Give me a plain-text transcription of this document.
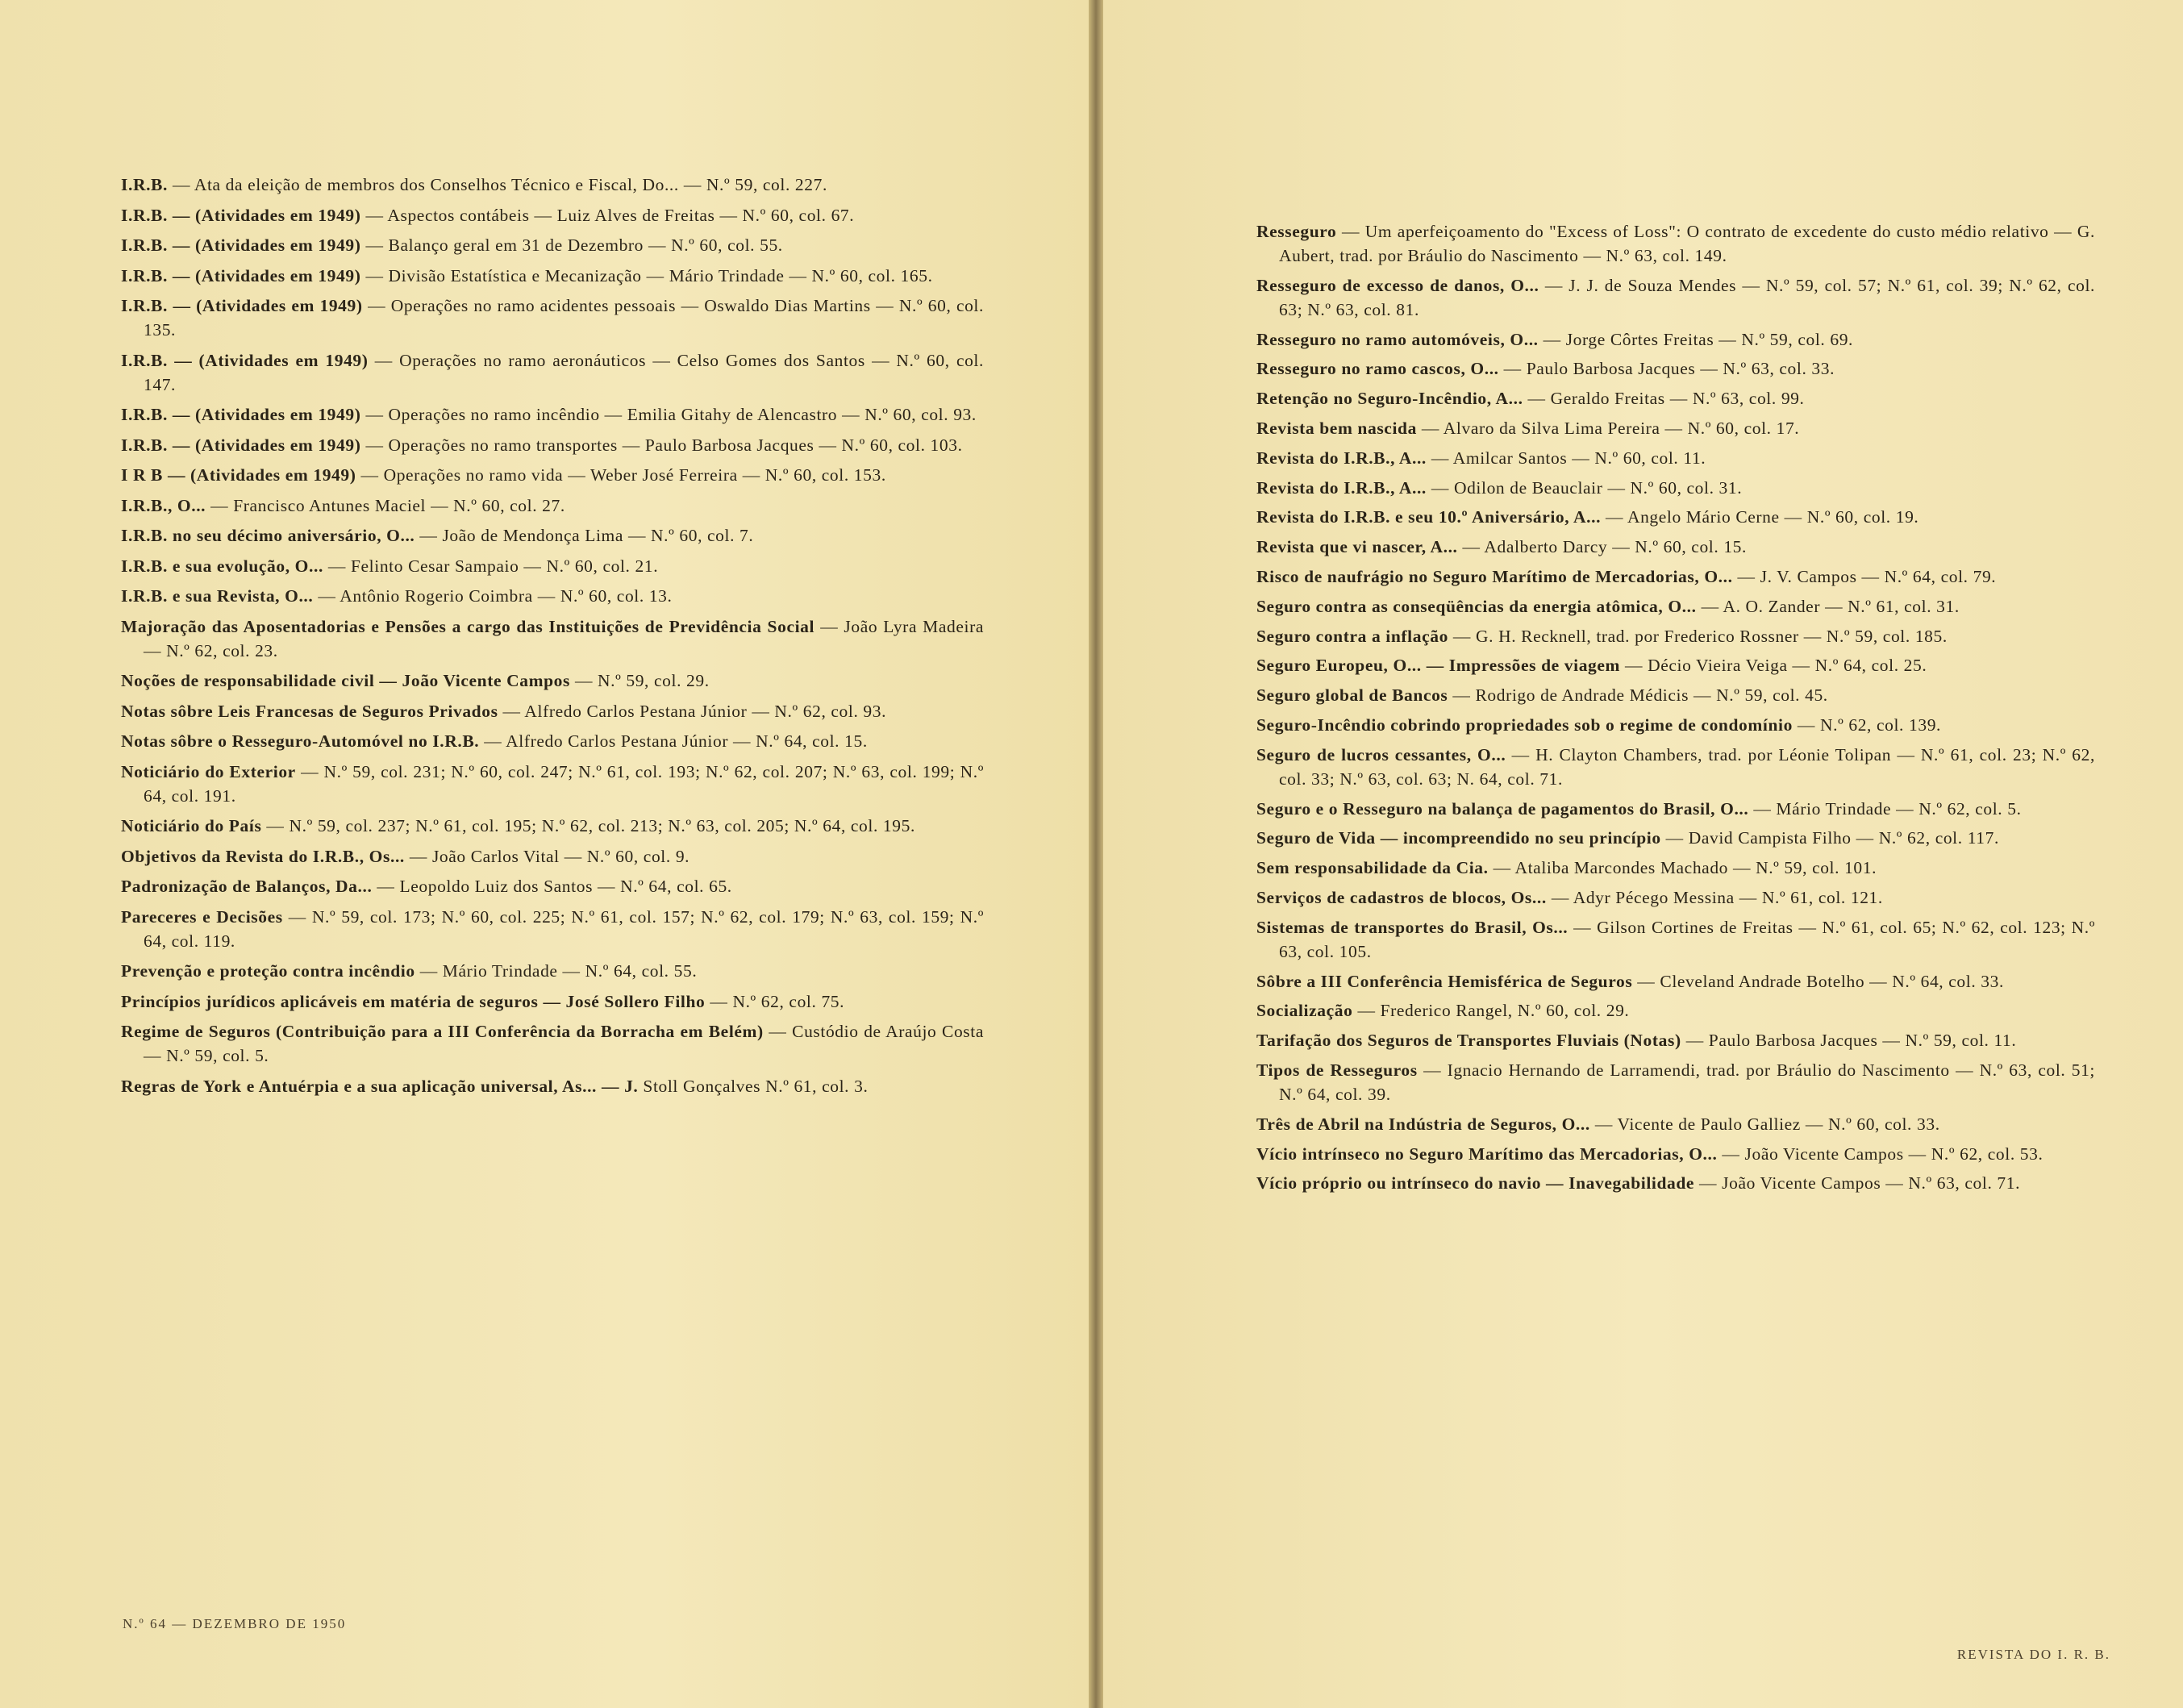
I.R.B. — Ata da eleição de membros dos Conselhos Técnico e Fiscal, Do... — N.º 59, col. 227.

I.R.B. — (Atividades em 1949) — Aspectos contábeis — Luiz Alves de Freitas — N.º 60, col. 67.

I.R.B. — (Atividades em 1949) — Balanço geral em 31 de Dezembro — N.º 60, col. 55.

I.R.B. — (Atividades em 1949) — Divisão Estatística e Mecanização — Mário Trindade — N.º 60, col. 165.

I.R.B. — (Atividades em 1949) — Operações no ramo acidentes pessoais — Oswaldo Dias Martins — N.º 60, col. 135.

I.R.B. — (Atividades em 1949) — Operações no ramo aeronáuticos — Celso Gomes dos Santos — N.º 60, col. 147.

I.R.B. — (Atividades em 1949) — Operações no ramo incêndio — Emilia Gitahy de Alencastro — N.º 60, col. 93.

I.R.B. — (Atividades em 1949) — Operações no ramo transportes — Paulo Barbosa Jacques — N.º 60, col. 103.

I R B — (Atividades em 1949) — Operações no ramo vida — Weber José Ferreira — N.º 60, col. 153.

I.R.B., O... — Francisco Antunes Maciel — N.º 60, col. 27.

I.R.B. no seu décimo aniversário, O... — João de Mendonça Lima — N.º 60, col. 7.

I.R.B. e sua evolução, O... — Felinto Cesar Sampaio — N.º 60, col. 21.

I.R.B. e sua Revista, O... — Antônio Rogerio Coimbra — N.º 60, col. 13.

Majoração das Aposentadorias e Pensões a cargo das Instituições de Previdência Social — João Lyra Madeira — N.º 62, col. 23.

Noções de responsabilidade civil — João Vicente Campos — N.º 59, col. 29.

Notas sôbre Leis Francesas de Seguros Privados — Alfredo Carlos Pestana Júnior — N.º 62, col. 93.

Notas sôbre o Resseguro-Automóvel no I.R.B. — Alfredo Carlos Pestana Júnior — N.º 64, col. 15.

Noticiário do Exterior — N.º 59, col. 231; N.º 60, col. 247; N.º 61, col. 193; N.º 62, col. 207; N.º 63, col. 199; N.º 64, col. 191.

Noticiário do País — N.º 59, col. 237; N.º 61, col. 195; N.º 62, col. 213; N.º 63, col. 205; N.º 64, col. 195.

Objetivos da Revista do I.R.B., Os... — João Carlos Vital — N.º 60, col. 9.

Padronização de Balanços, Da... — Leopoldo Luiz dos Santos — N.º 64, col. 65.

Pareceres e Decisões — N.º 59, col. 173; N.º 60, col. 225; N.º 61, col. 157; N.º 62, col. 179; N.º 63, col. 159; N.º 64, col. 119.

Prevenção e proteção contra incêndio — Mário Trindade — N.º 64, col. 55.

Princípios jurídicos aplicáveis em matéria de seguros — José Sollero Filho — N.º 62, col. 75.

Regime de Seguros (Contribuição para a III Conferência da Borracha em Belém) — Custódio de Araújo Costa — N.º 59, col. 5.

Regras de York e Antuérpia e a sua aplicação universal, As... — J. Stoll Gonçalves N.º 61, col. 3.

N.º 64 — DEZEMBRO DE 1950

Resseguro — Um aperfeiçoamento do "Excess of Loss": O contrato de excedente do custo médio relativo — G. Aubert, trad. por Bráulio do Nascimento — N.º 63, col. 149.

Resseguro de excesso de danos, O... — J. J. de Souza Mendes — N.º 59, col. 57; N.º 61, col. 39; N.º 62, col. 63; N.º 63, col. 81.

Resseguro no ramo automóveis, O... — Jorge Côrtes Freitas — N.º 59, col. 69.

Resseguro no ramo cascos, O... — Paulo Barbosa Jacques — N.º 63, col. 33.

Retenção no Seguro-Incêndio, A... — Geraldo Freitas — N.º 63, col. 99.

Revista bem nascida — Alvaro da Silva Lima Pereira — N.º 60, col. 17.

Revista do I.R.B., A... — Amilcar Santos — N.º 60, col. 11.

Revista do I.R.B., A... — Odilon de Beauclair — N.º 60, col. 31.

Revista do I.R.B. e seu 10.º Aniversário, A... — Angelo Mário Cerne — N.º 60, col. 19.

Revista que vi nascer, A... — Adalberto Darcy — N.º 60, col. 15.

Risco de naufrágio no Seguro Marítimo de Mercadorias, O... — J. V. Campos — N.º 64, col. 79.

Seguro contra as conseqüências da energia atômica, O... — A. O. Zander — N.º 61, col. 31.

Seguro contra a inflação — G. H. Recknell, trad. por Frederico Rossner — N.º 59, col. 185.

Seguro Europeu, O... — Impressões de viagem — Décio Vieira Veiga — N.º 64, col. 25.

Seguro global de Bancos — Rodrigo de Andrade Médicis — N.º 59, col. 45.

Seguro-Incêndio cobrindo propriedades sob o regime de condomínio — N.º 62, col. 139.

Seguro de lucros cessantes, O... — H. Clayton Chambers, trad. por Léonie Tolipan — N.º 61, col. 23; N.º 62, col. 33; N.º 63, col. 63; N. 64, col. 71.

Seguro e o Resseguro na balança de pagamentos do Brasil, O... — Mário Trindade — N.º 62, col. 5.

Seguro de Vida — incompreendido no seu princípio — David Campista Filho — N.º 62, col. 117.

Sem responsabilidade da Cia. — Ataliba Marcondes Machado — N.º 59, col. 101.

Serviços de cadastros de blocos, Os... — Adyr Pécego Messina — N.º 61, col. 121.

Sistemas de transportes do Brasil, Os... — Gilson Cortines de Freitas — N.º 61, col. 65; N.º 62, col. 123; N.º 63, col. 105.

Sôbre a III Conferência Hemisférica de Seguros — Cleveland Andrade Botelho — N.º 64, col. 33.

Socialização — Frederico Rangel, N.º 60, col. 29.

Tarifação dos Seguros de Transportes Fluviais (Notas) — Paulo Barbosa Jacques — N.º 59, col. 11.

Tipos de Resseguros — Ignacio Hernando de Larramendi, trad. por Bráulio do Nascimento — N.º 63, col. 51; N.º 64, col. 39.

Três de Abril na Indústria de Seguros, O... — Vicente de Paulo Galliez — N.º 60, col. 33.

Vício intrínseco no Seguro Marítimo das Mercadorias, O... — João Vicente Campos — N.º 62, col. 53.

Vício próprio ou intrínseco do navio — Inavegabilidade — João Vicente Campos — N.º 63, col. 71.

REVISTA DO I. R. B.
